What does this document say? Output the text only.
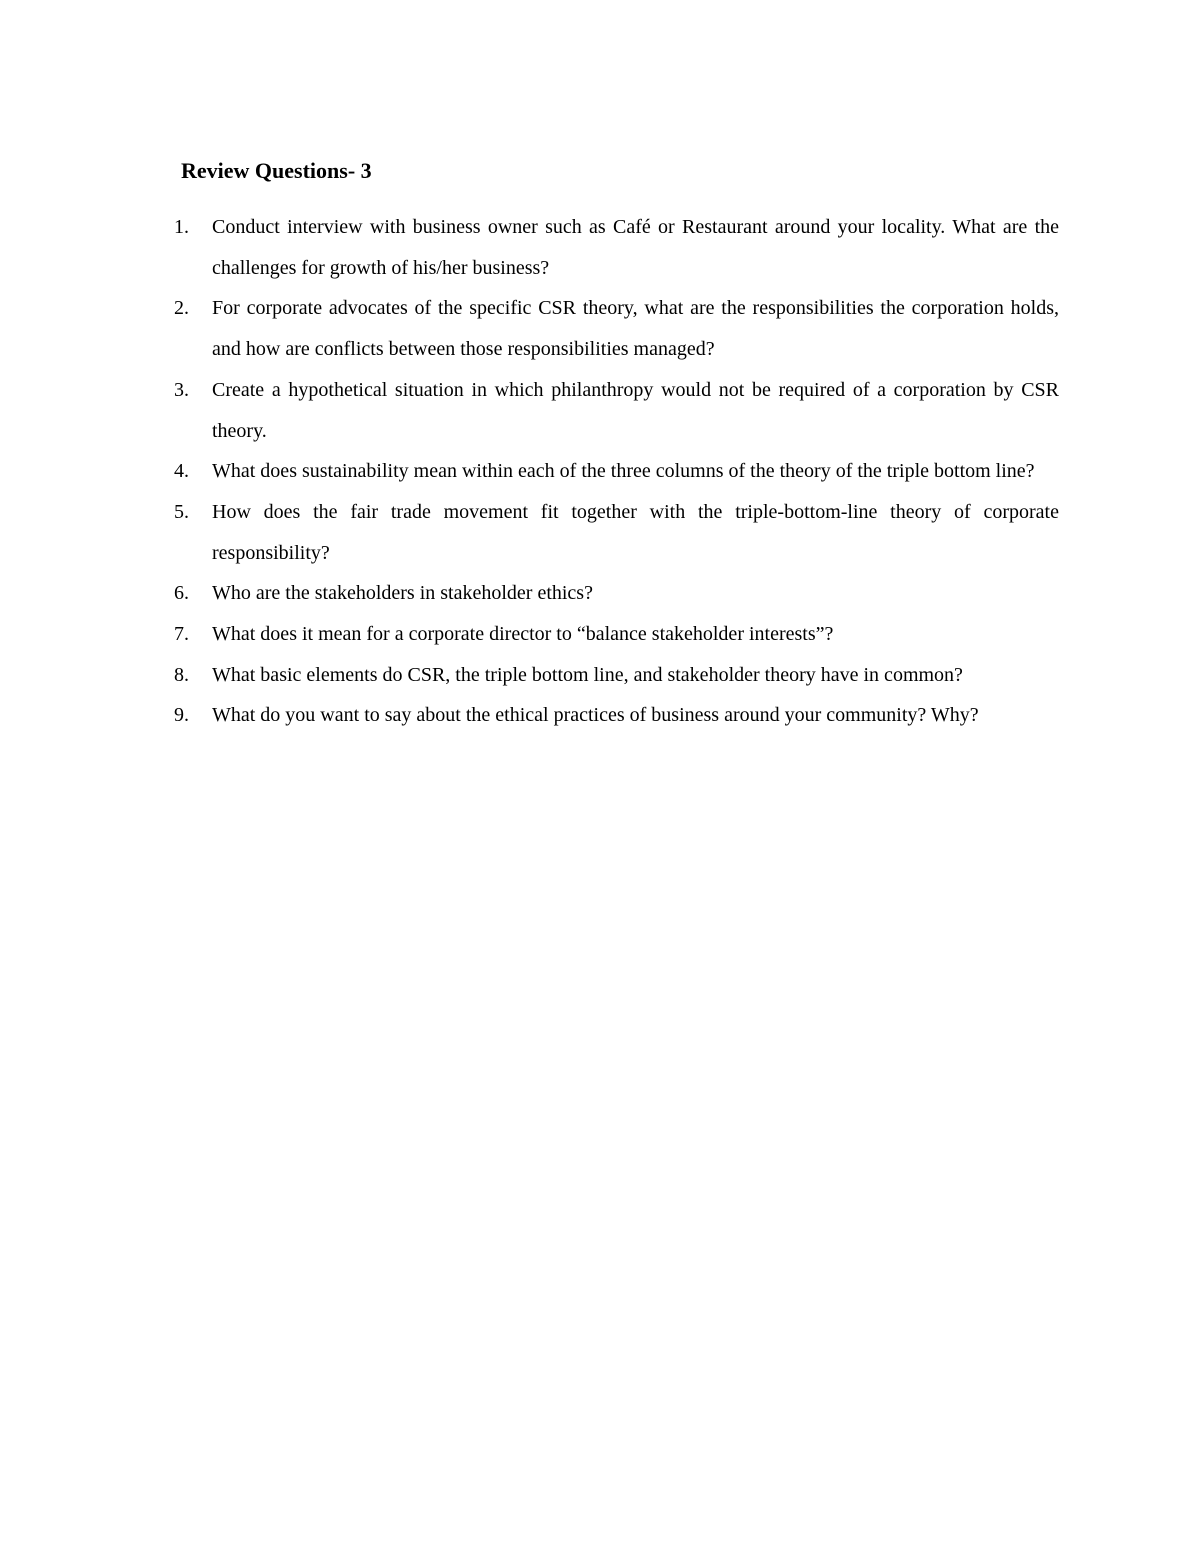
Review Questions- 3
1.	Conduct interview with business owner such as Café or Restaurant around your locality. What are the challenges for growth of his/her business?
2.	For corporate advocates of the specific CSR theory, what are the responsibilities the corporation holds, and how are conflicts between those responsibilities managed?
3.	Create a hypothetical situation in which philanthropy would not be required of a corporation by CSR theory.
4.	What does sustainability mean within each of the three columns of the theory of the triple bottom line?
5.	How does the fair trade movement fit together with the triple-bottom-line theory of corporate responsibility?
6.	Who are the stakeholders in stakeholder ethics?
7.	What does it mean for a corporate director to “balance stakeholder interests”?
8.	What basic elements do CSR, the triple bottom line, and stakeholder theory have in common?
9.	What do you want to say about the ethical practices of business around your community? Why?
